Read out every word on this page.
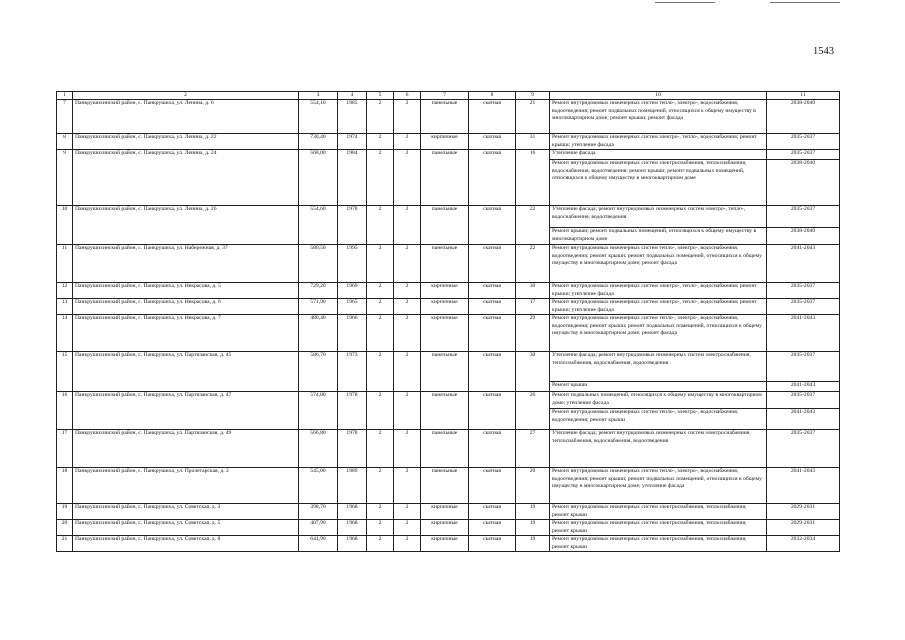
1543
1	2	3	4	5	6	7	8	9	10	11
7	Панкрушихинский район, с. Панкрушиха, ул. Ленина, д. 6	554,10	1985	2	2	панельные	скатная	21	Ремонт внутридомовых инженерных систем тепло-, электро-, водоснабжения, водоотведения; ремонт подвальных помещений, относящихся к общему имуществу в многоквартирном доме; ремонт крыши; ремонт фасада	2038-2040
8	Панкрушихинский район, с. Панкрушиха, ул. Ленина, д. 22	730,40	1974	2	2	кирпичные	скатная	31	Ремонт внутридомовых инженерных систем электро-, тепло-, водоснабжения; ремонт крыши; утепление фасада	2035-2037
9	Панкрушихинский район, с. Панкрушиха, ул. Ленина, д. 24	568,00	1984	2	2	панельные	скатная	16	Утепление фасада	2035-2037
									Ремонт внутридомовых инженерных систем электроснабжения, теплоснабжения, водоснабжения, водоотведения; ремонт крыши; ремонт подвальных помещений, относящихся к общему имуществу в многоквартирном доме	2038-2040
10	Панкрушихинский район, с. Панкрушиха, ул. Ленина, д. 26	554,60	1978	2	2	панельные	скатная	22	Утепление фасада; ремонт внутридомовых инженерных систем электро-, тепло-, водоснабжения, водоотведения	2035-2037
									Ремонт крыши; ремонт подвальных помещений, относящихся к общему имуществу в многоквартирном доме	2038-2040
11	Панкрушихинский район, с. Панкрушиха, ул. Набережная, д. 37	580,50	1995	2	2	панельные	скатная	22	Ремонт внутридомовых инженерных систем тепло-, электро-, водоснабжения, водоотведения; ремонт крыши; ремонт подвальных помещений, относящихся к общему имуществу в многоквартирном доме; ремонт фасада	2041-2043
12	Панкрушихинский район, с. Панкрушиха, ул. Некрасова, д. 5	729,20	1969	2	2	кирпичные	скатная	30	Ремонт внутридомовых инженерных систем электро-, тепло-, водоснабжения; ремонт крыши; утепление фасада	2035-2037
13	Панкрушихинский район, с. Панкрушиха, ул. Некрасова, д. 6	571,90	1965	2	2	кирпичные	скатная	17	Ремонт внутридомовых инженерных систем электро-, тепло-, водоснабжения; ремонт крыши; утепление фасада	2035-2037
14	Панкрушихинский район, с. Панкрушиха, ул. Некрасова, д. 7	480,40	1966	2	2	кирпичные	скатная	29	Ремонт внутридомовых инженерных систем тепло-, электро-, водоснабжения, водоотведения; ремонт крыши; ремонт подвальных помещений, относящихся к общему имуществу в многоквартирном доме; ремонт фасада	2041-2043
15	Панкрушихинский район, с. Панкрушиха, ул. Партизанская, д. 45	586,70	1973	2	2	панельные	скатная	30	Утепление фасада; ремонт внутридомовых инженерных систем электроснабжения, теплоснабжения, водоснабжения, водоотведения	2035-2037
									Ремонт крыши	2041-2043
16	Панкрушихинский район, с. Панкрушиха, ул. Партизанская, д. 47	574,80	1978	2	2	панельные	скатная	26	Ремонт подвальных помещений, относящихся к общему имуществу в многоквартирном доме; утепление фасада	2035-2037
									Ремонт внутридомовых инженерных систем тепло-, электро-, водоснабжения, водоотведения; ремонт крыши	2041-2043
17	Панкрушихинский район, с. Панкрушиха, ул. Партизанская, д. 49	566,80	1978	2	2	панельные	скатная	27	Утепление фасада; ремонт внутридомовых инженерных систем электроснабжения, теплоснабжения, водоснабжения, водоотведения	2035-2037
18	Панкрушихинский район, с. Панкрушиха, ул. Пролетарская, д. 2	545,00	1989	2	2	панельные	скатная	20	Ремонт внутридомовых инженерных систем тепло-, электро-, водоснабжения, водоотведения; ремонт крыши; ремонт подвальных помещений, относящихся к общему имуществу в многоквартирном доме; утепление фасада	2041-2043
19	Панкрушихинский район, с. Панкрушиха, ул. Советская, д. 3	398,70	1968	2	2	кирпичные	скатная	19	Ремонт внутридомовых инженерных систем электроснабжения, теплоснабжения; ремонт крыши	2029-2031
20	Панкрушихинский район, с. Панкрушиха, ул. Советская, д. 5	407,90	1968	2	2	кирпичные	скатная	19	Ремонт внутридомовых инженерных систем электроснабжения, теплоснабжения; ремонт крыши	2029-2031
21	Панкрушихинский район, с. Панкрушиха, ул. Советская, д. 8	641,90	1968	2	2	кирпичные	скатная	19	Ремонт внутридомовых инженерных систем электроснабжения, теплоснабжения; ремонт крыши	2032-2034
